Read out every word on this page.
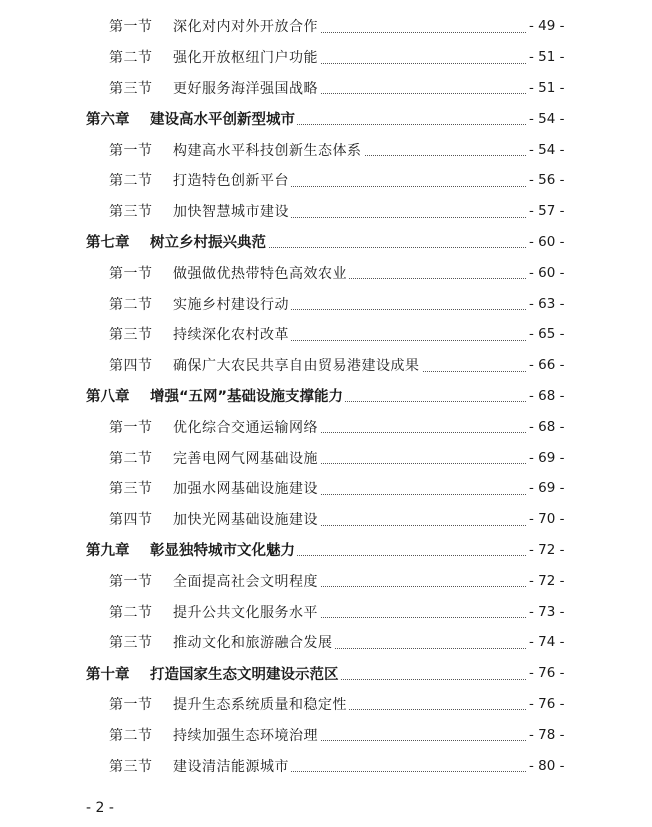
第一节	深化对内对外开放合作	- 49 -
第二节	强化开放枢纽门户功能	- 51 -
第三节	更好服务海洋强国战略	- 51 -
第六章	建设高水平创新型城市	- 54 -
第一节	构建高水平科技创新生态体系	- 54 -
第二节	打造特色创新平台	- 56 -
第三节	加快智慧城市建设	- 57 -
第七章	树立乡村振兴典范	- 60 -
第一节	做强做优热带特色高效农业	- 60 -
第二节	实施乡村建设行动	- 63 -
第三节	持续深化农村改革	- 65 -
第四节	确保广大农民共享自由贸易港建设成果	- 66 -
第八章	增强“五网”基础设施支撑能力	- 68 -
第一节	优化综合交通运输网络	- 68 -
第二节	完善电网气网基础设施	- 69 -
第三节	加强水网基础设施建设	- 69 -
第四节	加快光网基础设施建设	- 70 -
第九章	彰显独特城市文化魅力	- 72 -
第一节	全面提高社会文明程度	- 72 -
第二节	提升公共文化服务水平	- 73 -
第三节	推动文化和旅游融合发展	- 74 -
第十章	打造国家生态文明建设示范区	- 76 -
第一节	提升生态系统质量和稳定性	- 76 -
第二节	持续加强生态环境治理	- 78 -
第三节	建设清洁能源城市	- 80 -
- 2 -
